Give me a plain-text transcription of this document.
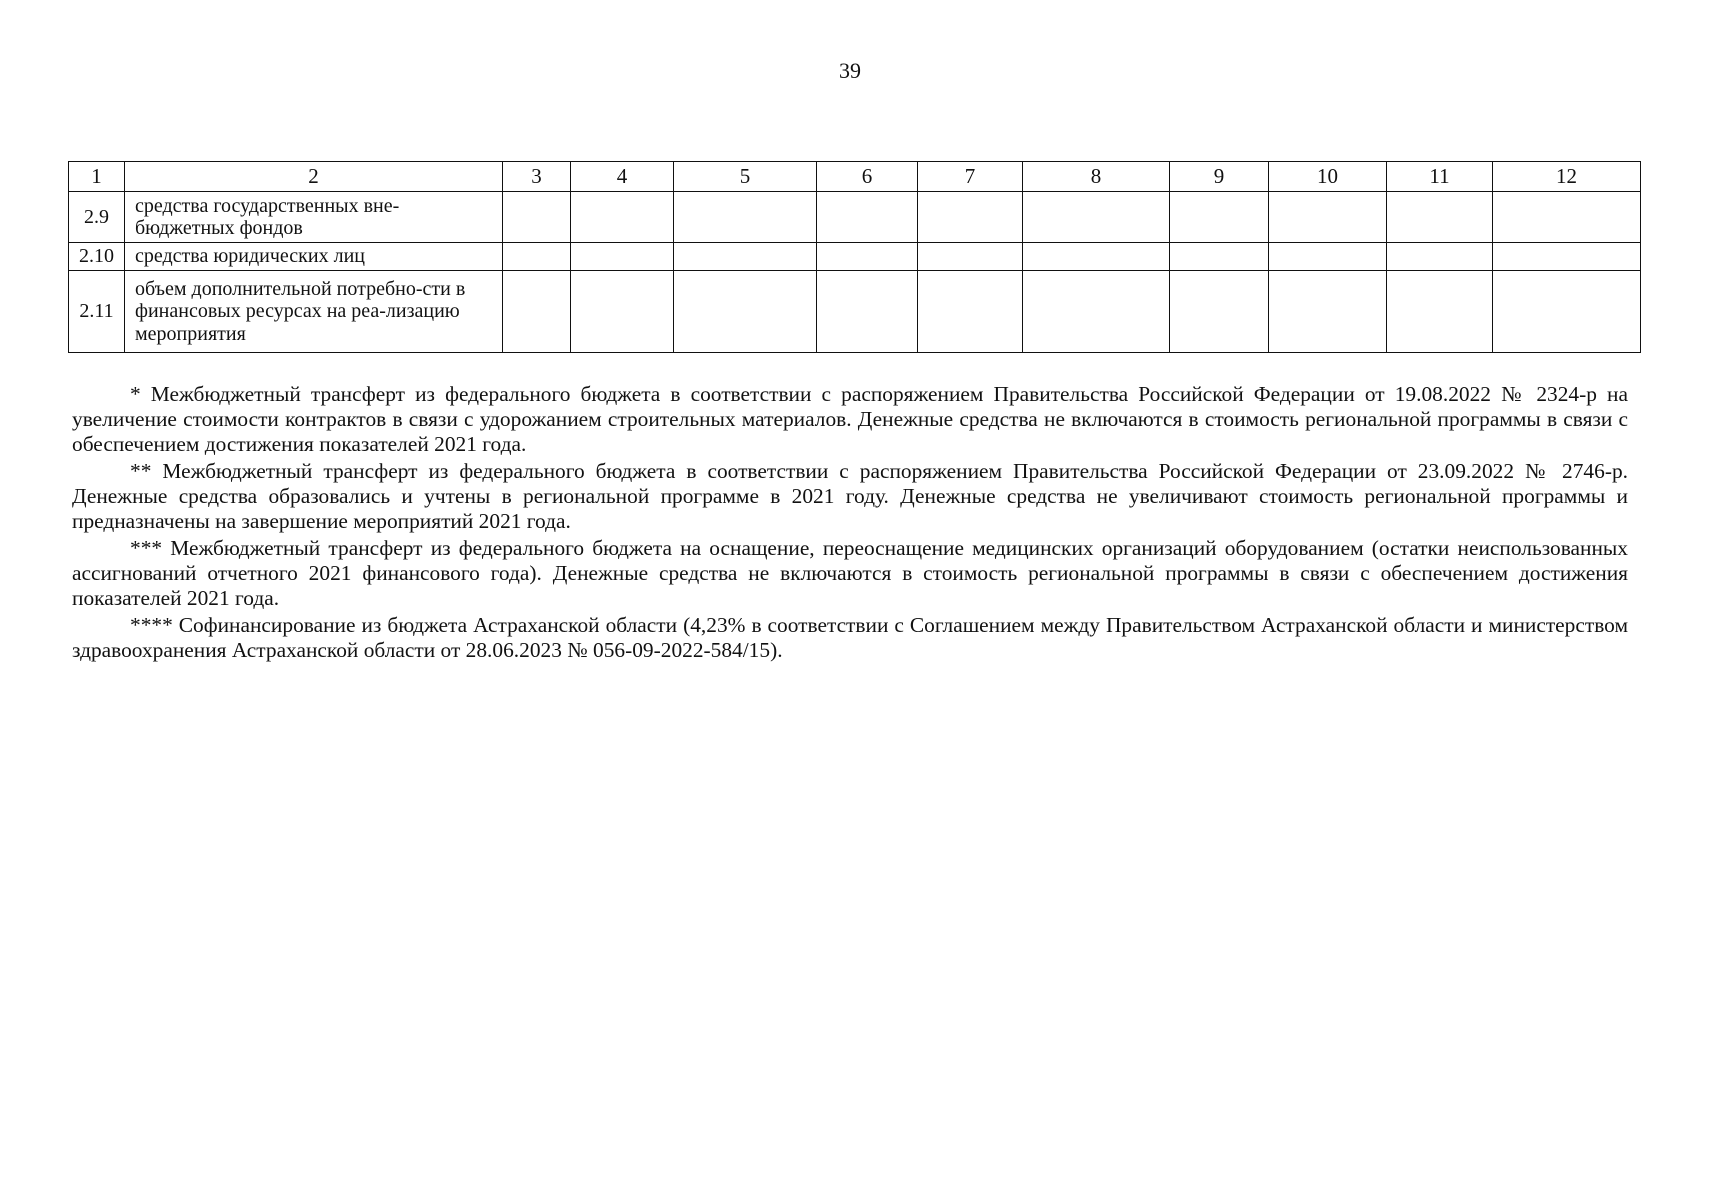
39
1	2	3	4	5	6	7	8	9	10	11	12
2.9	средства государственных вне-бюджетных фондов										
2.10	средства юридических лиц										
2.11	объем дополнительной потребно-сти в финансовых ресурсах на реа-лизацию мероприятия										

* Межбюджетный трансферт из федерального бюджета в соответствии с распоряжением Правительства Российской Федерации от 19.08.2022 № 2324-р на увеличение стоимости контрактов в связи с удорожанием строительных материалов. Денежные средства не включаются в стоимость региональной программы в связи с обеспечением достижения показателей 2021 года.

** Межбюджетный трансферт из федерального бюджета в соответствии с распоряжением Правительства Российской Федерации от 23.09.2022 № 2746-р. Денежные средства образовались и учтены в региональной программе в 2021 году. Денежные средства не увеличивают стоимость региональной программы и предназначены на завершение мероприятий 2021 года.

*** Межбюджетный трансферт из федерального бюджета на оснащение, переоснащение медицинских организаций оборудованием (остатки неиспользованных ассигнований отчетного 2021 финансового года). Денежные средства не включаются в стоимость региональной программы в связи с обеспечением достижения показателей 2021 года.

**** Софинансирование из бюджета Астраханской области (4,23% в соответствии с Соглашением между Правительством Астраханской области и министерством здравоохранения Астраханской области от 28.06.2023 № 056-09-2022-584/15).
